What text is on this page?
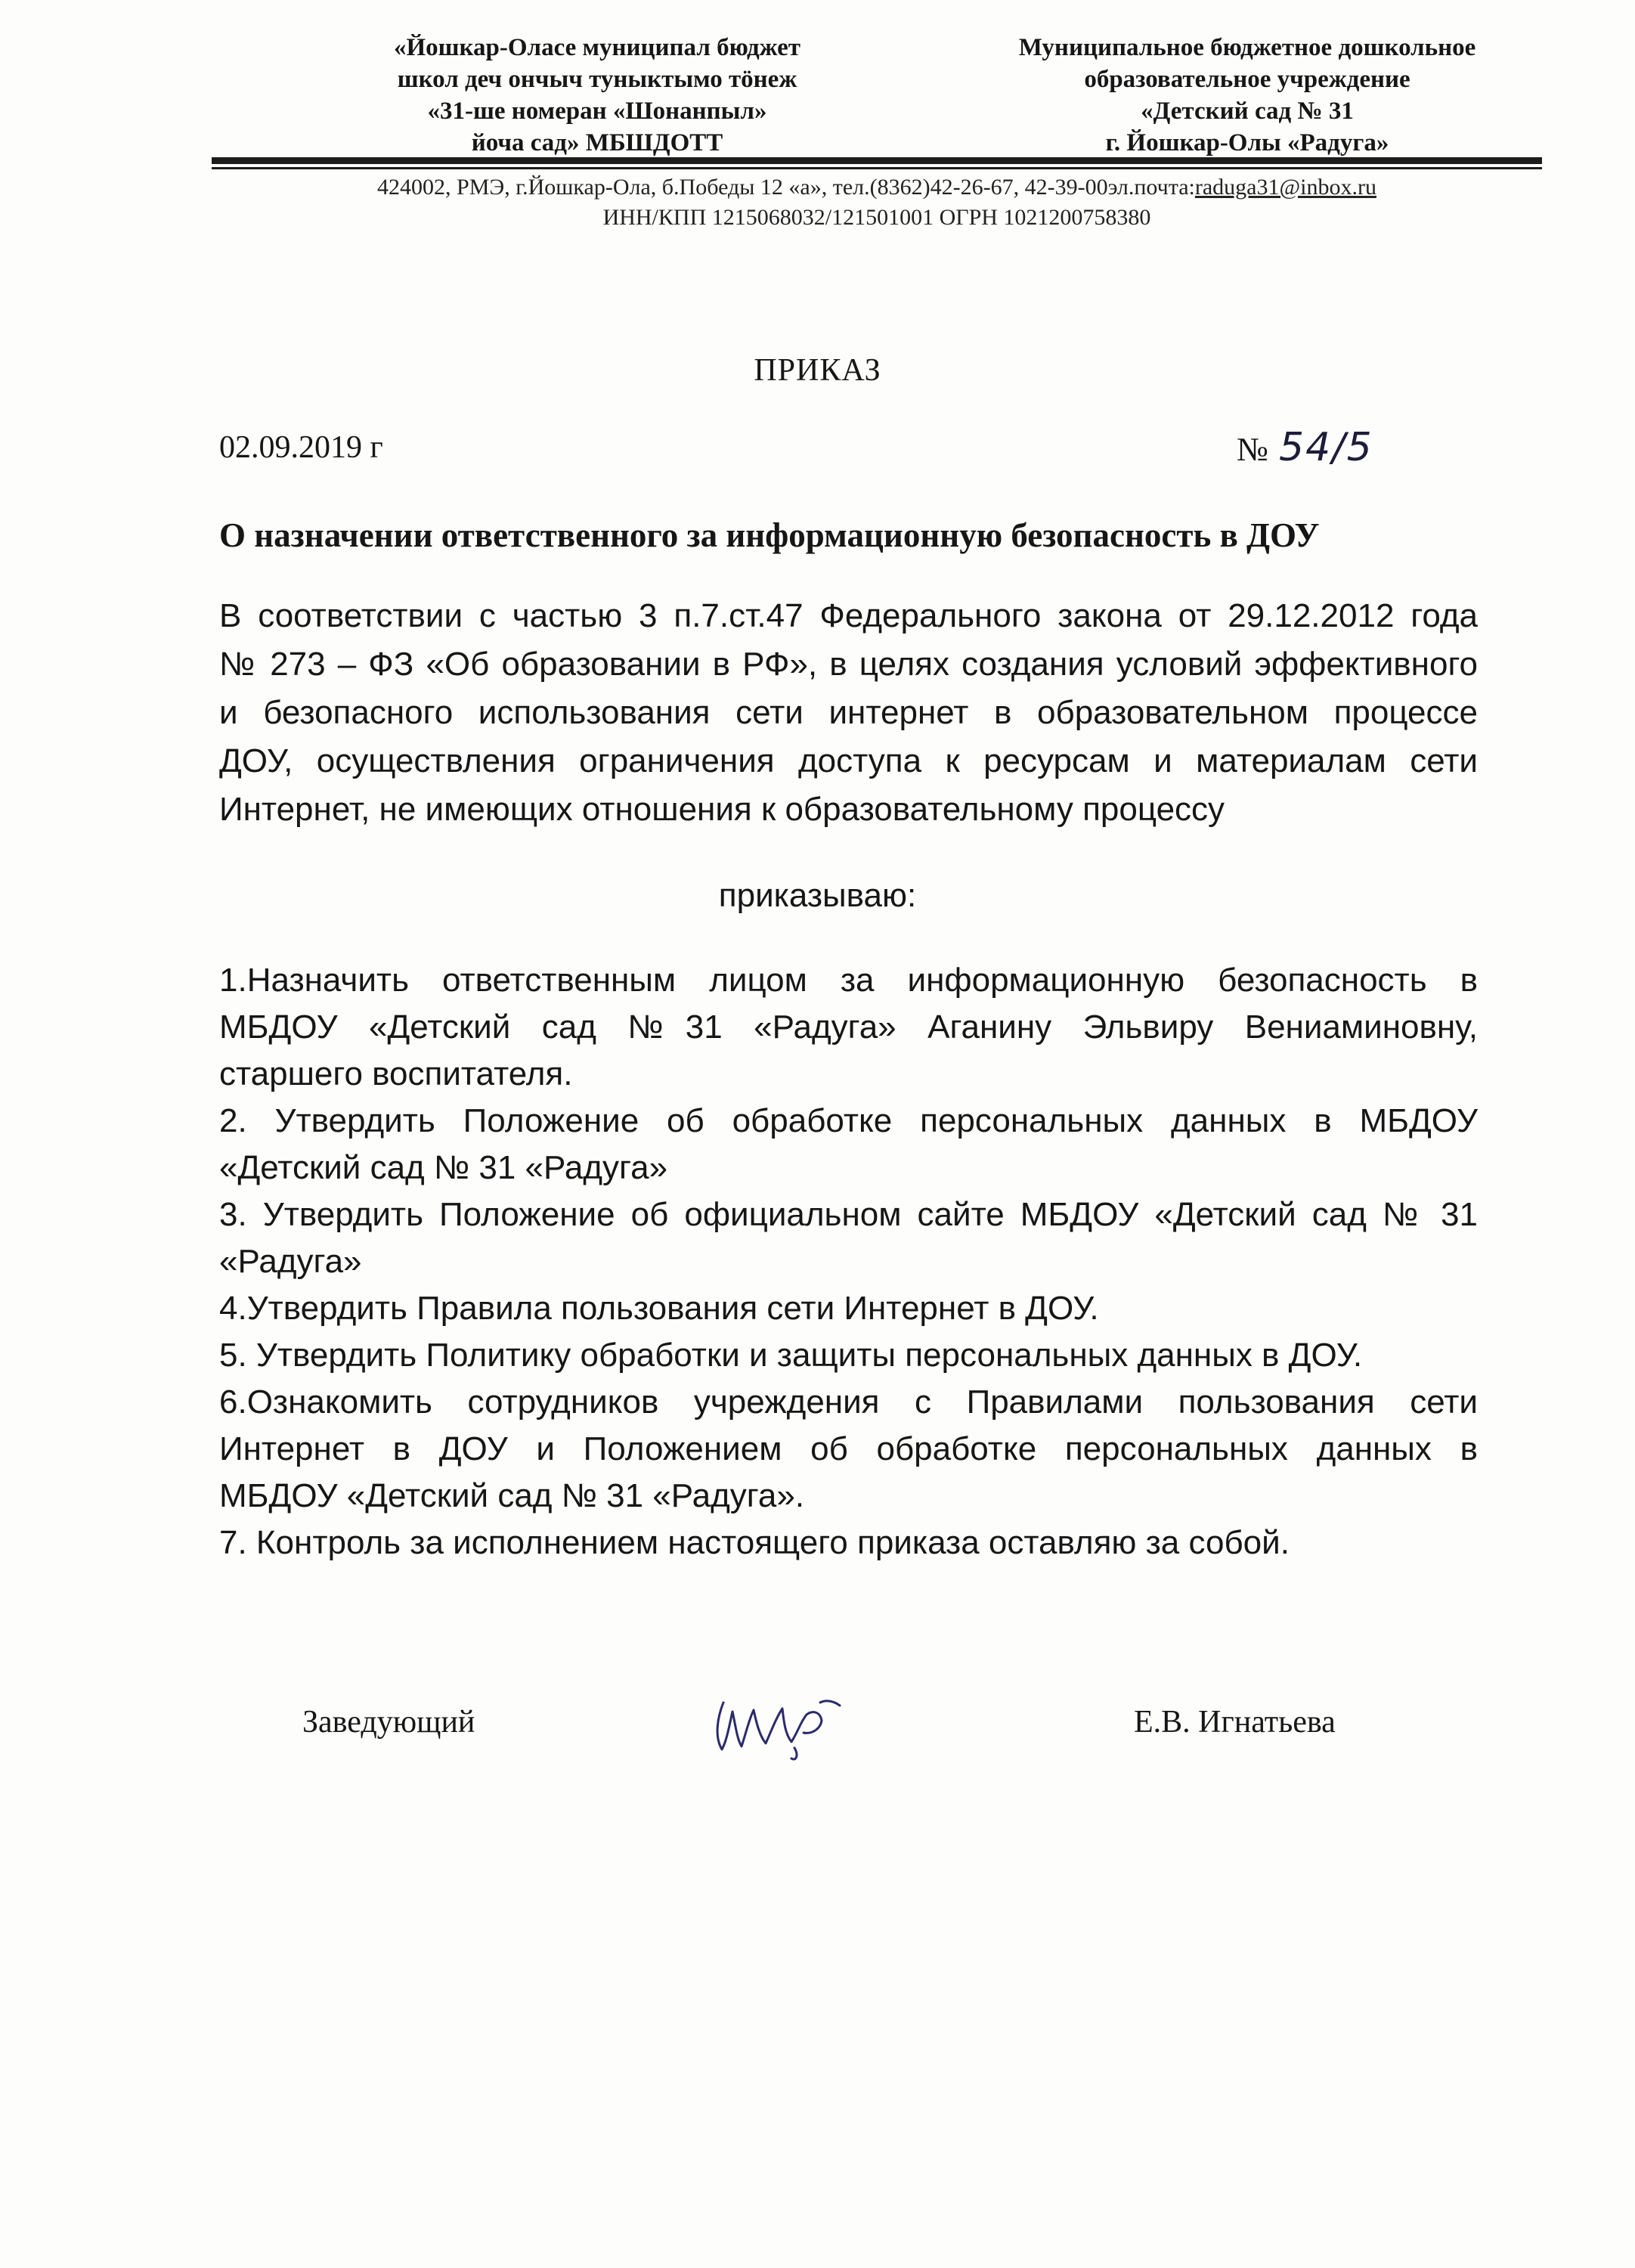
«Йошкар-Оласе муниципал бюджет
школ деч ончыч туныктымо тӧнеж
«31-ше номеран «Шонанпыл»
йоча сад» МБШДОТТ
Муниципальное бюджетное дошкольное
образовательное учреждение
«Детский сад № 31
г. Йошкар-Олы «Радуга»
424002, РМЭ, г.Йошкар-Ола, б.Победы 12 «а», тел.(8362)42-26-67, 42-39-00эл.почта:raduga31@inbox.ru
ИНН/КПП 1215068032/121501001 ОГРН 1021200758380
ПРИКАЗ
02.09.2019 г	№ 54/5
О назначении ответственного за информационную безопасность в ДОУ
В соответствии с частью 3 п.7.ст.47 Федерального закона от 29.12.2012 года
№ 273 – ФЗ «Об образовании в РФ», в целях создания условий эффективного
и безопасного использования сети интернет в образовательном процессе
ДОУ, осуществления ограничения доступа к ресурсам и материалам сети
Интернет, не имеющих отношения к образовательному процессу
приказываю:
1.Назначить ответственным лицом за информационную безопасность в
МБДОУ «Детский сад №31 «Радуга» Аганину Эльвиру Вениаминовну,
старшего воспитателя.
2. Утвердить Положение об обработке персональных данных в МБДОУ
«Детский сад № 31 «Радуга»
3. Утвердить Положение об официальном сайте МБДОУ «Детский сад № 31
«Радуга»
4.Утвердить Правила пользования сети Интернет в ДОУ.
5. Утвердить Политику обработки и защиты персональных данных в ДОУ.
6.Ознакомить сотрудников учреждения с Правилами пользования сети
Интернет в ДОУ и Положением об обработке персональных данных в
МБДОУ «Детский сад № 31 «Радуга».
7. Контроль за исполнением настоящего приказа оставляю за собой.
Заведующий	Е.В. Игнатьева
